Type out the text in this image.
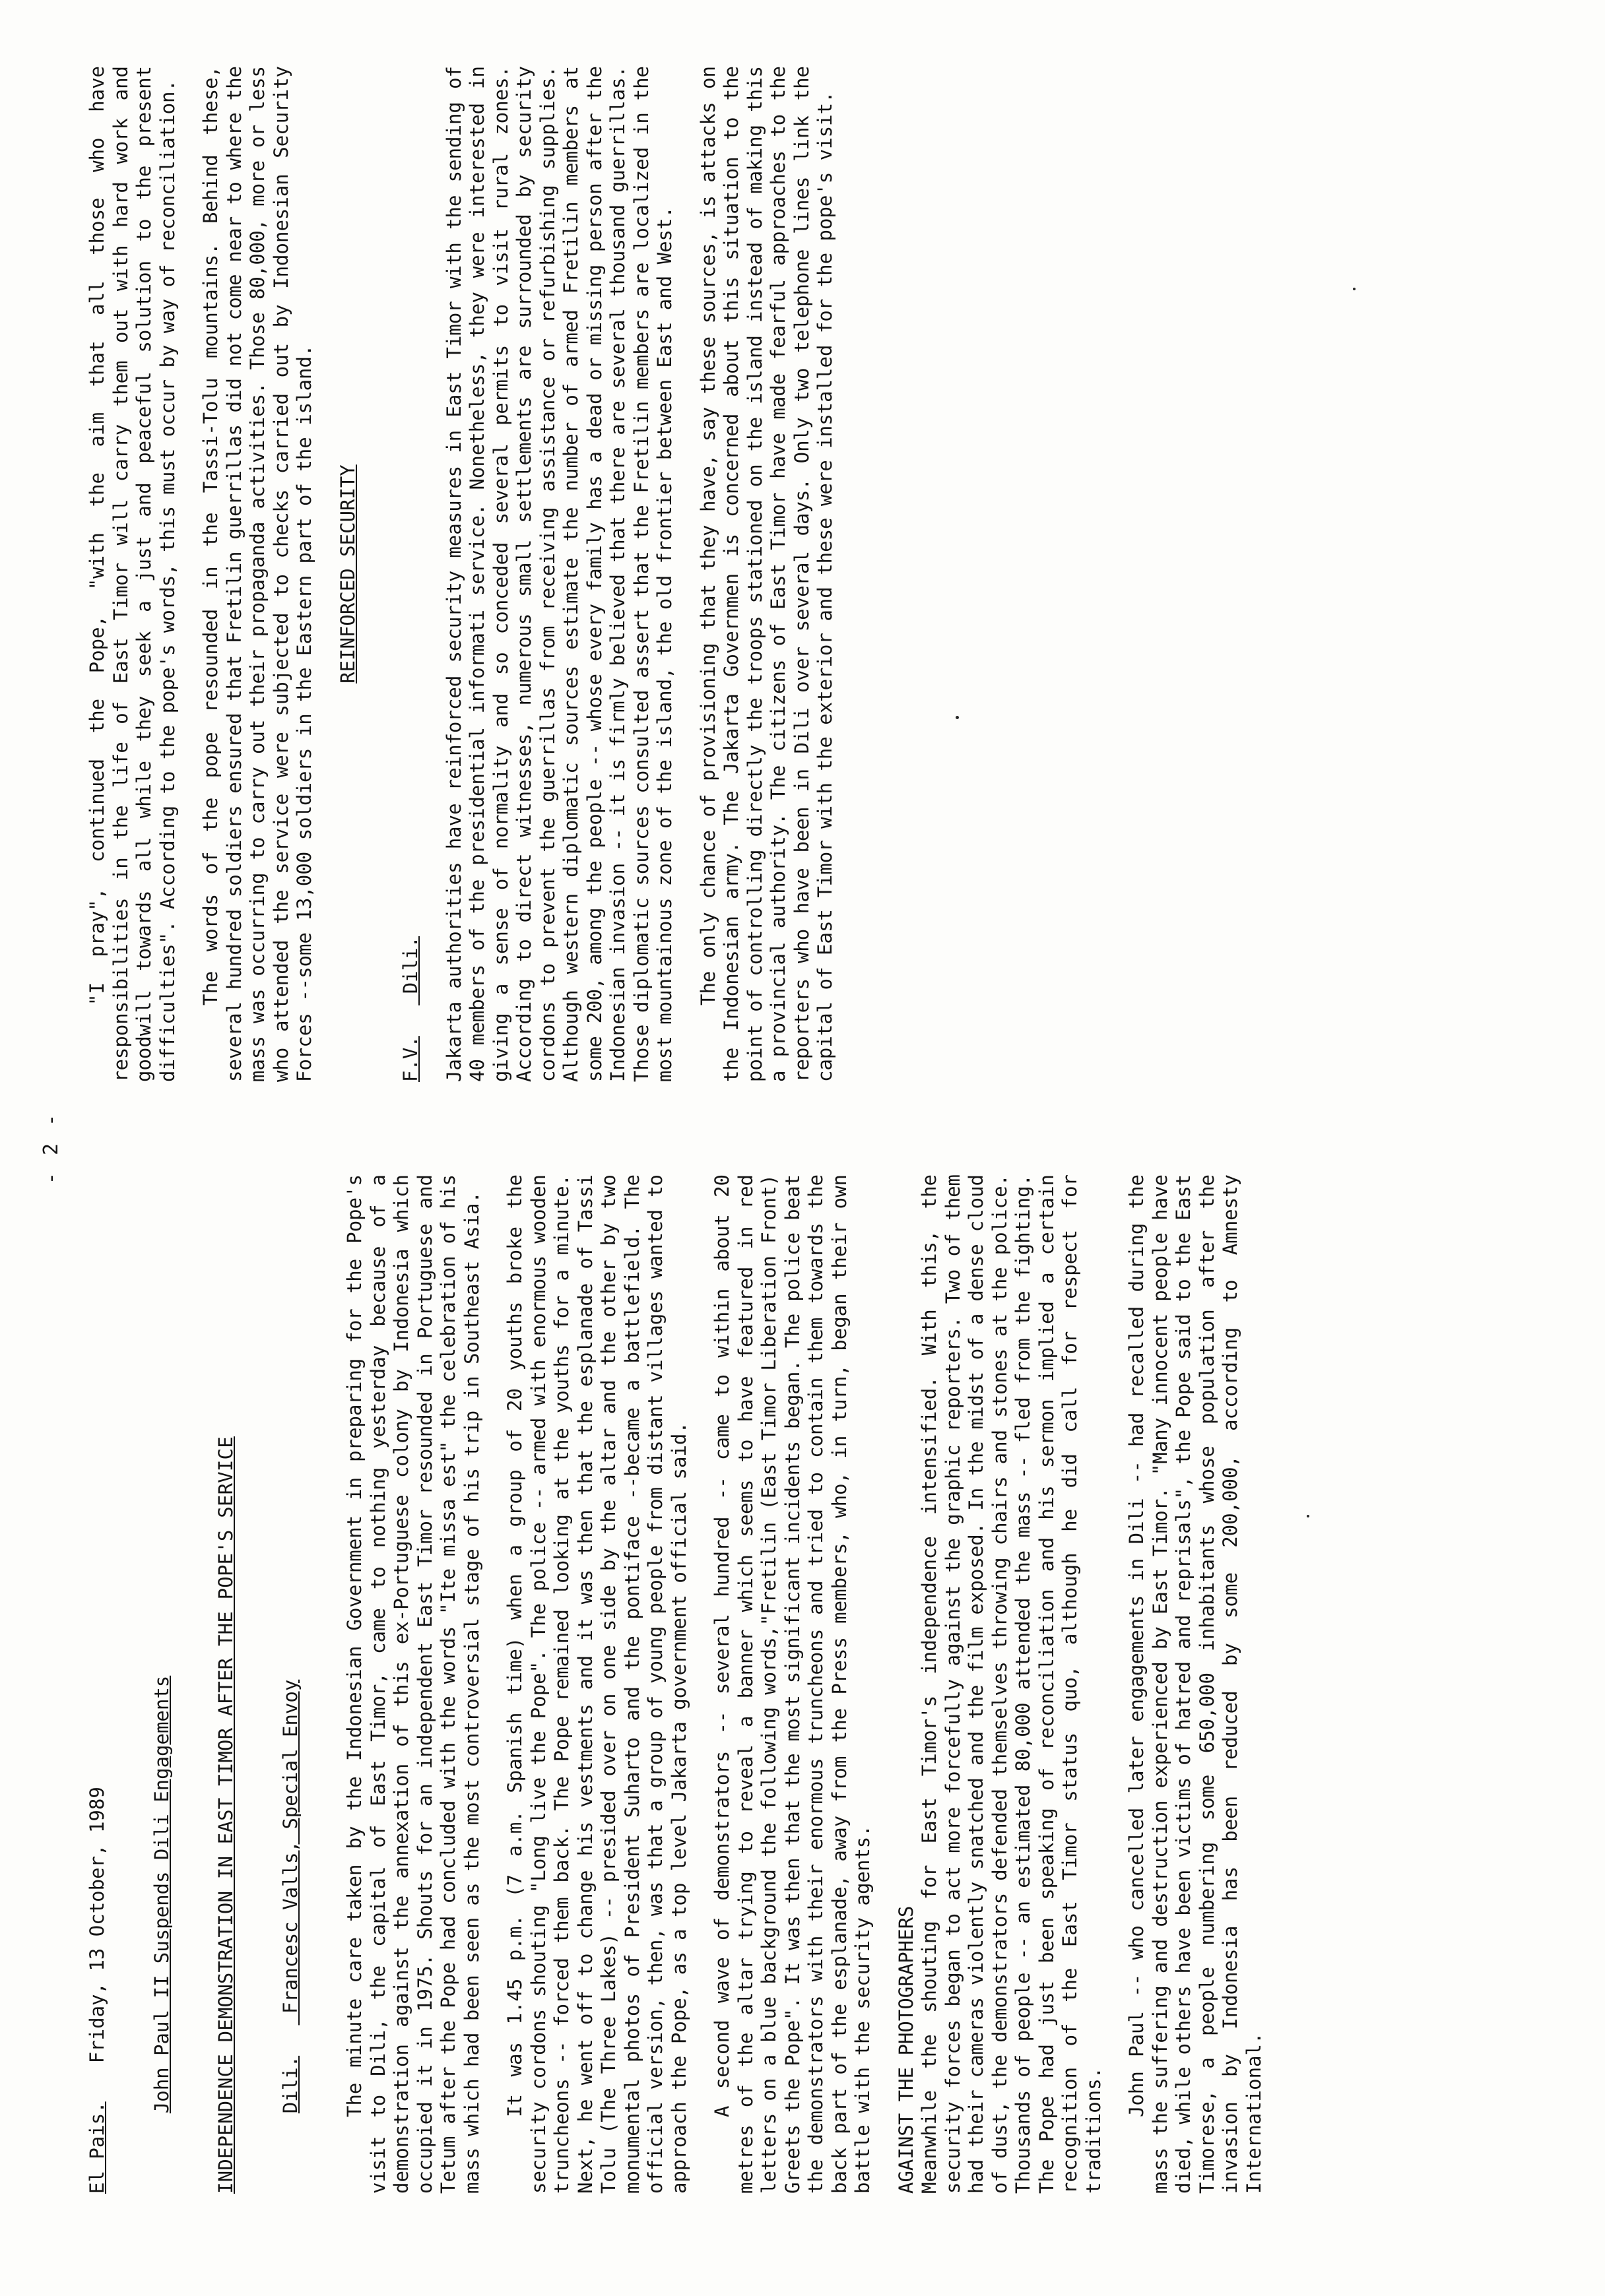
- 2 -

El Pais. Friday, 13 October, 1989 John Paul II Suspends Dili Engagements INDEPENDENCE DEMONSTRATION IN EAST TIMOR AFTER THE POPE'S SERVICE Dili. Francesc Valls, Special Envoy The minute care taken by the Indonesian Government in preparing for the Pope's visit to Dili, the capital of East Timor, came to nothing yesterday because of a demonstration against the annexation of this ex-Portuguese colony by Indonesia which occupied it in 1975. Shouts for an independent East Timor resounded in Portuguese and Tetum after the Pope had concluded with the words "Ite missa est" the celebration of his mass which had been seen as the most controversial stage of his trip in Southeast Asia. It was 1.45 p.m. (7 a.m. Spanish time) when a group of 20 youths broke the security cordons shouting "Long live the Pope". The police -- armed with enormous wooden truncheons -- forced them back. The Pope remained looking at the youths for a minute. Next, he went off to change his vestments and it was then that the esplanade of Tassi Tolu (The Three Lakes) -- presided over on one side by the altar and the other by two monumental photos of President Suharto and the pontiface --became a battlefield. The official version, then, was that a group of young people from distant villages wanted to approach the Pope, as a top level Jakarta government official said. A second wave of demonstrators -- several hundred -- came to within about 20 metres of the altar trying to reveal a banner which seems to have featured in red letters on a blue background the following words,"Fretilin (East Timor Liberation Front) Greets the Pope". It was then that the most significant incidents began. The police beat the demonstrators with their enormous truncheons and tried to contain them towards the back part of the esplanade, away from the Press members, who, in turn, began their own battle with the security agents. AGAINST THE PHOTOGRAPHERS Meanwhile the shouting for East Timor's independence intensified. With this, the security forces began to act more forcefully against the graphic reporters. Two of them had their cameras violently snatched and the film exposed. In the midst of a dense cloud of dust, the demonstrators defended themselves throwing chairs and stones at the police. Thousands of people -- an estimated 80,000 attended the mass -- fled from the fighting. The Pope had just been speaking of reconciliation and his sermon implied a certain recognition of the East Timor status quo, although he did call for respect for traditions.

John Paul -- who cancelled later engagements in Dili -- had recalled during the mass the suffering and destruction experienced by East Timor. "Many innocent people have died, while others have been victims of hatred and reprisals", the Pope said to the East Timorese, a people numbering some 650,000 inhabitants whose population after the invasion by Indonesia has been reduced by some 200,000, according to Amnesty International.

"I pray", continued the Pope, "with the aim that all those who have responsibilities in the life of East Timor will carry them out with hard work and goodwill towards all while they seek a just and peaceful solution to the present difficulties". According to the pope's words, this must occur by way of reconciliation. The words of the pope resounded in the Tassi-Tolu mountains. Behind these, several hundred soldiers ensured that Fretilin guerrillas did not come near to where the mass was occurring to carry out their propaganda activities. Those 80,000, more or less who attended the service were subjected to checks carried out by Indonesian Security Forces --some 13,000 soldiers in the Eastern part of the island. REINFORCED SECURITY

F.V. Dili. Jakarta authorities have reinforced security measures in East Timor with the sending of 40 members of the presidential informati service. Nonetheless, they were interested in giving a sense of normality and so conceded several permits to visit rural zones. According to direct witnesses, numerous small settlements are surrounded by security cordons to prevent the guerrillas from receiving assistance or refurbishing supplies. Although western diplomatic sources estimate the number of armed Fretilin members at some 200, among the people -- whose every family has a dead or missing person after the Indonesian invasion -- it is firmly believed that there are several thousand guerrillas. Those diplomatic sources consulted assert that the Fretilin members are localized in the most mountainous zone of the island, the old frontier between East and West. The only chance of provisioning that they have, say these sources, is attacks on the Indonesian army. The Jakarta Governmen is concerned about this situation to the point of controlling directly the troops stationed on the island instead of making this a provincial authority. The citizens of East Timor have made fearful approaches to the reporters who have been in Dili over several days. Only two telephone lines link the capital of East Timor with the exterior and these were installed for the pope's visit.
